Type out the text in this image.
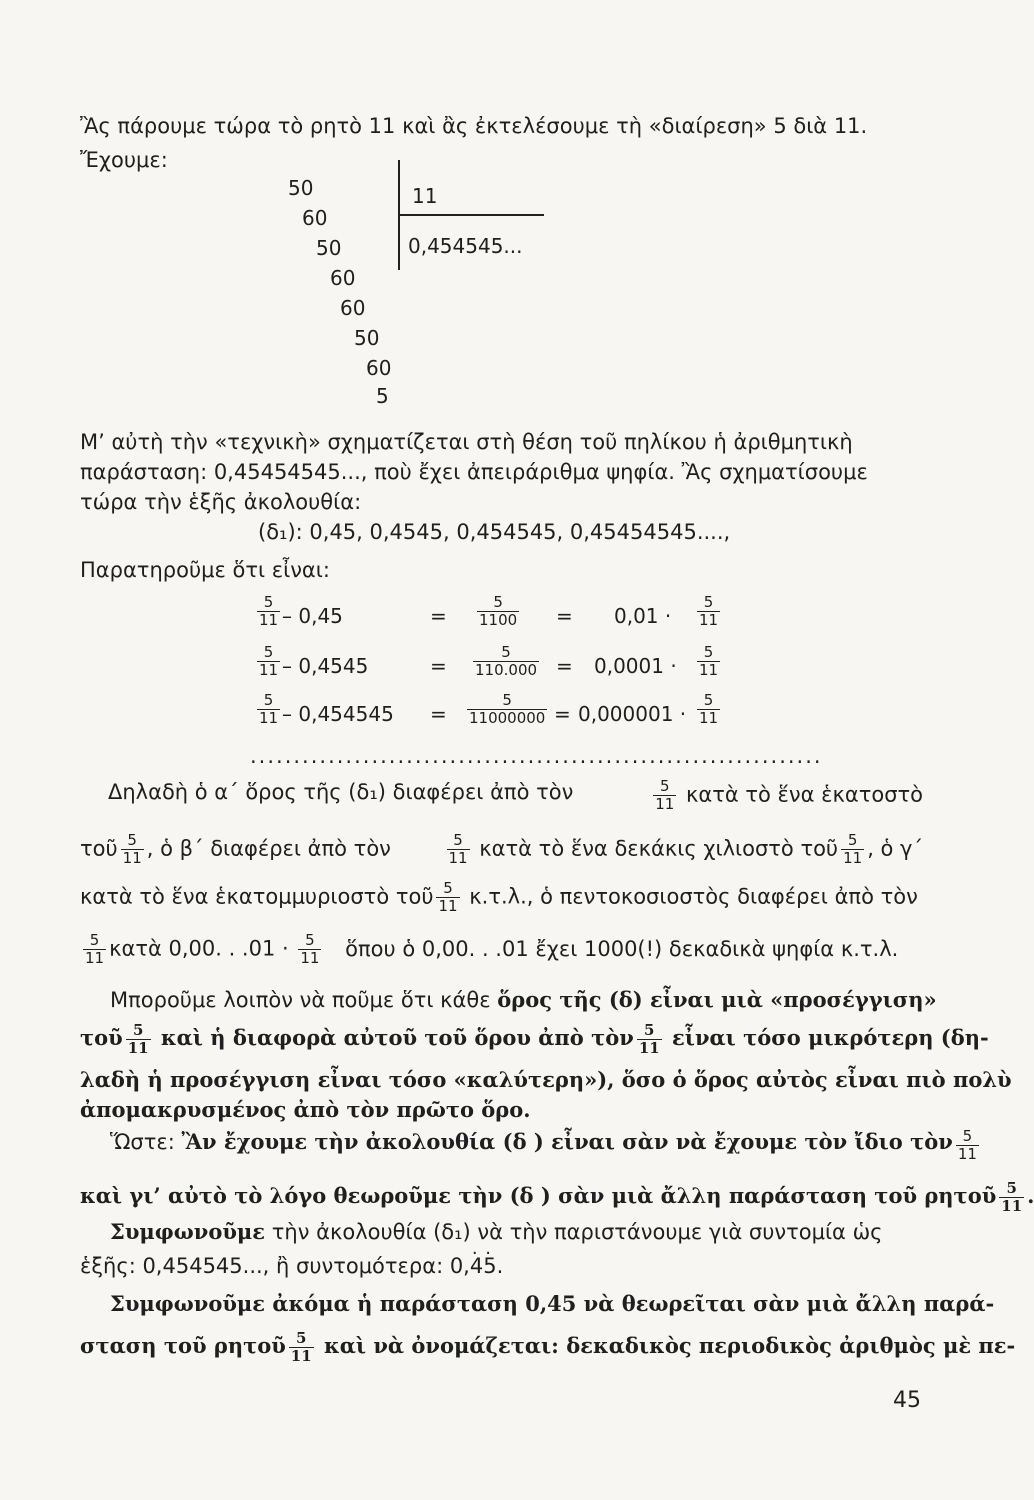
Ἂς πάρουμε τώρα τὸ ρητὸ 11 καὶ ἂς ἐκτελέσουμε τὴ «διαίρεση» 5 διὰ 11.
Ἔχουμε:
50
60
50
60
60
50
60
5
11
0,454545...
Μ’ αὐτὴ τὴν «τεχνικὴ» σχηματίζεται στὴ θέση τοῦ πηλίκου ἡ ἀριθμητικὴ
παράσταση: 0,45454545..., ποὺ ἔχει ἀπειράριθμα ψηφία. Ἂς σχηματίσουμε
τώρα τὴν ἑξῆς ἀκολουθία:
(δ₁): 0,45, 0,4545, 0,454545, 0,45454545....,
Παρατηροῦμε ὅτι εἶναι:
$\frac{5}{11} - 0,45$	= $\frac{5}{1100} = 0,01 \cdot \frac{5}{11}$
$\frac{5}{11} - 0,4545$	= $\frac{5}{110.000} = 0,0001 \cdot \frac{5}{11}$
$\frac{5}{11} - 0,454545 = \frac{5}{11000000} = 0,000001 \cdot \frac{5}{11}$
..................................................................
Δηλαδὴ ὁ α΄ ὅρος τῆς (δ₁) διαφέρει ἀπὸ τὸν	$\frac{5}{11}$ κατὰ τὸ ἕνα ἑκατοστὸ
τοῦ $\frac{5}{11}$ , ὁ β΄ διαφέρει ἀπὸ τὸν	$\frac{5}{11}$ κατὰ τὸ ἕνα δεκάκις χιλιοστὸ τοῦ $\frac{5}{11}$ , ὁ γ΄
κατὰ τὸ ἕνα ἑκατομμυριοστὸ τοῦ $\frac{5}{11} \kappa.\tau.\lambda$., ὁ πεντοκοσιοστὸς διαφέρει ἀπὸ τὸν
$\frac{5}{11}$ κατὰ 0,00. . $.01 \cdot \frac{5}{11}$ ὅπου ὁ 0,00. . .01 ἔχει 1000(!) δεκαδικὰ ψηφία κ.τ.λ.
Μποροῦμε λοιπὸν νὰ ποῦμε ὅτι κάθε ὅρος τῆς (δ) εἶναι μιὰ «προσέγγιση»
τοῦ $\frac{5}{11}$ καὶ ἡ διαφορὰ αὐτοῦ τοῦ ὅρου ἀπὸ τὸν $\frac{5}{11}$ εἶναι τόσο μικρότερη (δη-
λαδὴ ἡ προσέγγιση εἶναι τόσο «καλύτερη»), ὅσο ὁ ὅρος αὐτὸς εἶναι πιὸ πολὺ
ἀπομακρυσμένος ἀπὸ τὸν πρῶτο ὅρο.
Ὥστε: Ἂν ἔχουμε τὴν ἀκολουθία (δ ) εἶναι σὰν νὰ ἔχουμε τὸν ἴδιο τὸν $\frac{5}{11}$
καὶ γι’ αὐτὸ τὸ λόγο θεωροῦμε τὴν (δ ) σὰν μιὰ ἄλλη παράσταση τοῦ ρητοῦ $\frac{5}{11}$ .
Συμφωνοῦμε τὴν ἀκολουθία (δ₁) νὰ τὴν παριστάνουμε γιὰ συντομία ὡς
ἑξῆς: 0,454545..., ἢ συντομότερα: 0,· 4· 5.
Συμφωνοῦμε ἀκόμα ἡ παράσταση 0,45 νὰ θεωρεῖται σὰν μιὰ ἄλλη παρά-
σταση τοῦ ρητοῦ $\frac{5}{11}$ καὶ νὰ ὀνομάζεται: δεκαδικὸς περιοδικὸς ἀριθμὸς μὲ πε-
45
